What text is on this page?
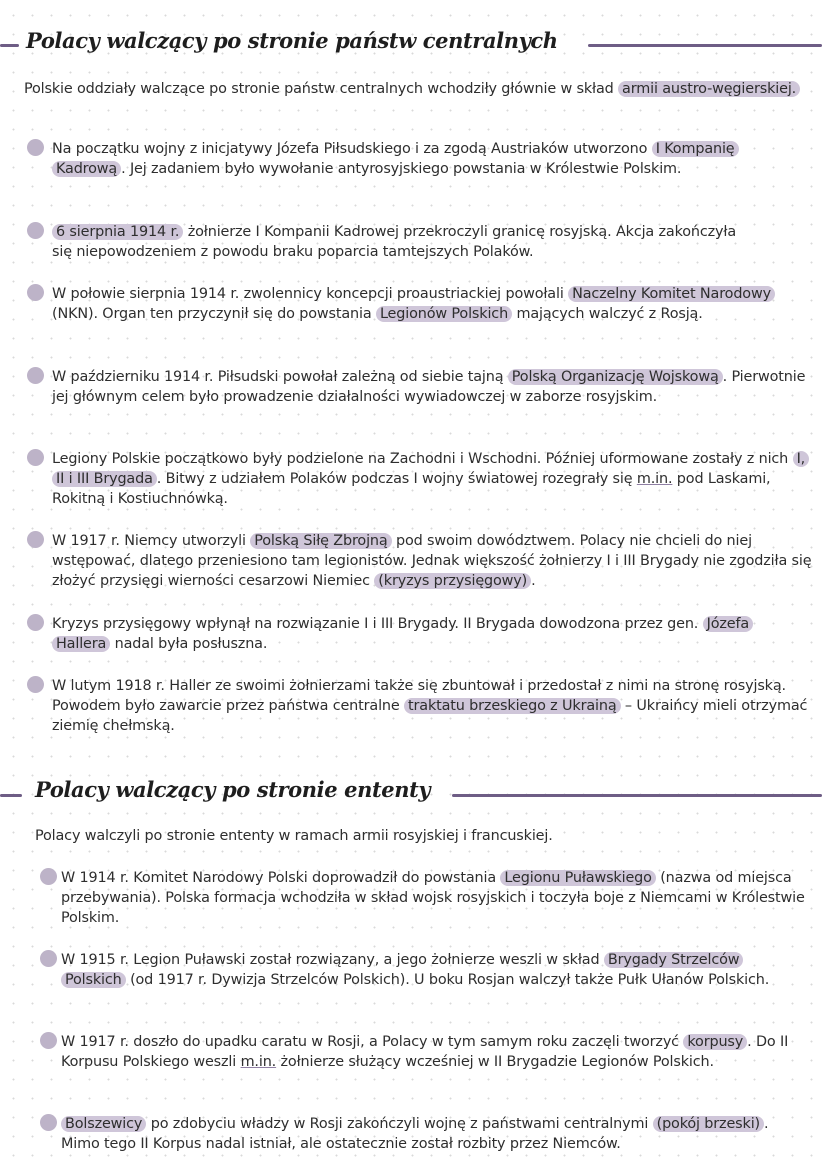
Polacy walczący po stronie państw centralnych

Polskie oddziały walczące po stronie państw centralnych wchodziły głównie w skład armii austro-węgierskiej.

Na początku wojny z inicjatywy Józefa Piłsudskiego i za zgodą Austriaków utworzono I Kompanię Kadrową . Jej zadaniem było wywołanie antyrosyjskiego powstania w Królestwie Polskim.

6 sierpnia 1914 r. żołnierze I Kompanii Kadrowej przekroczyli granicę rosyjską. Akcja zakończyła się niepowodzeniem z powodu braku poparcia tamtejszych Polaków.

W połowie sierpnia 1914 r. zwolennicy koncepcji proaustriackiej powołali Naczelny Komitet Narodowy (NKN). Organ ten przyczynił się do powstania Legionów Polskich mających walczyć z Rosją.

W październiku 1914 r. Piłsudski powołał zależną od siebie tajną Polską Organizację Wojskową . Pierwotnie jej głównym celem było prowadzenie działalności wywiadowczej w zaborze rosyjskim.

Legiony Polskie początkowo były podzielone na Zachodni i Wschodni. Później uformowane zostały z nich I, II i III Brygada . Bitwy z udziałem Polaków podczas I wojny światowej rozegrały się m.in. pod Laskami, Rokitną i Kostiuchnówką.

W 1917 r. Niemcy utworzyli Polską Siłę Zbrojną pod swoim dowództwem. Polacy nie chcieli do niej wstępować, dlatego przeniesiono tam legionistów. Jednak większość żołnierzy I i III Brygady nie zgodziła się złożyć przysięgi wierności cesarzowi Niemiec (kryzys przysięgowy) .

Kryzys przysięgowy wpłynął na rozwiązanie I i III Brygady. II Brygada dowodzona przez gen. Józefa Hallera nadal była posłuszna.

W lutym 1918 r. Haller ze swoimi żołnierzami także się zbuntował i przedostał z nimi na stronę rosyjską. Powodem było zawarcie przez państwa centralne traktatu brzeskiego z Ukrainą – Ukraińcy mieli otrzymać ziemię chełmską.

Polacy walczący po stronie ententy

Polacy walczyli po stronie ententy w ramach armii rosyjskiej i francuskiej.

W 1914 r. Komitet Narodowy Polski doprowadził do powstania Legionu Puławskiego (nazwa od miejsca przebywania). Polska formacja wchodziła w skład wojsk rosyjskich i toczyła boje z Niemcami w Królestwie Polskim.

W 1915 r. Legion Puławski został rozwiązany, a jego żołnierze weszli w skład Brygady Strzelców Polskich (od 1917 r. Dywizja Strzelców Polskich). U boku Rosjan walczył także Pułk Ułanów Polskich.

W 1917 r. doszło do upadku caratu w Rosji, a Polacy w tym samym roku zaczęli tworzyć korpusy . Do II Korpusu Polskiego weszli m.in. żołnierze służący wcześniej w II Brygadzie Legionów Polskich.

Bolszewicy po zdobyciu władzy w Rosji zakończyli wojnę z państwami centralnymi (pokój brzeski) . Mimo tego II Korpus nadal istniał, ale ostatecznie został rozbity przez Niemców.
